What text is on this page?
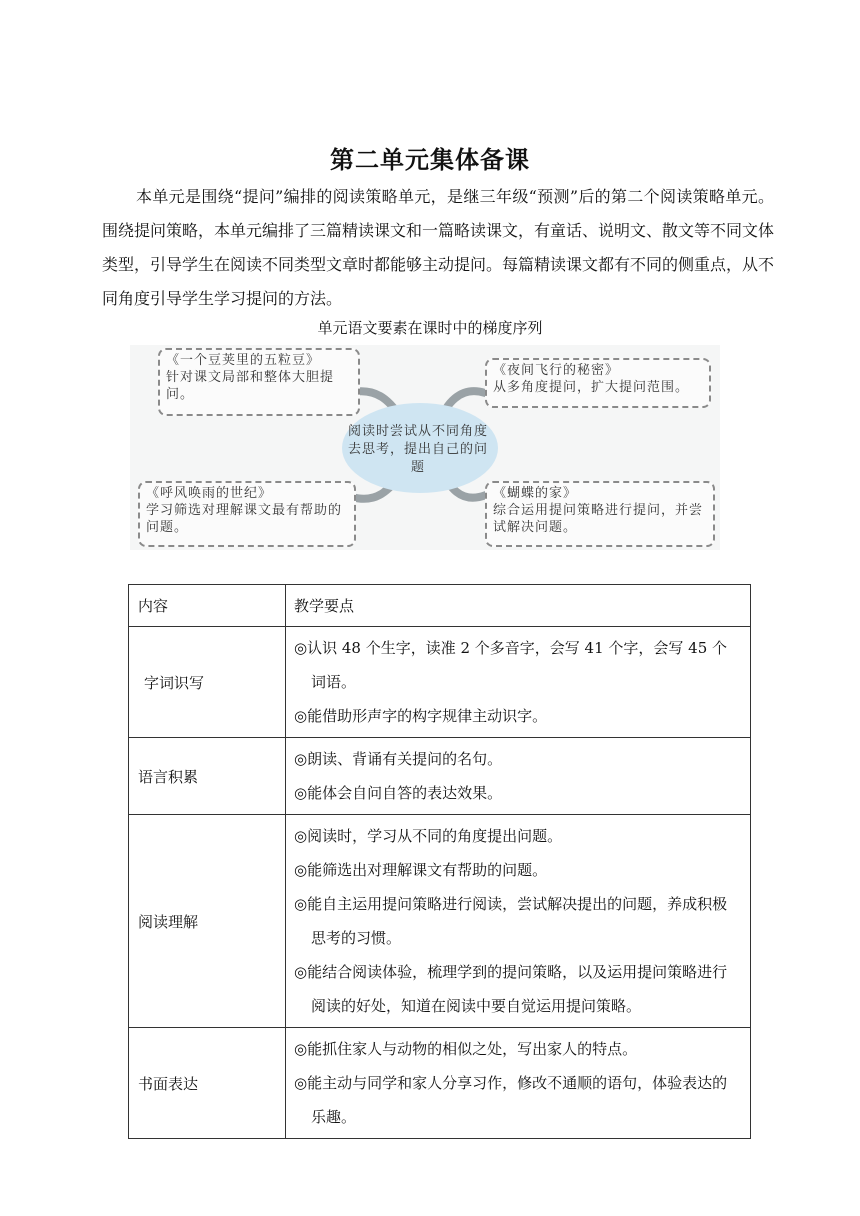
第二单元集体备课
本单元是围绕“提问”编排的阅读策略单元，是继三年级“预测”后的第二个阅读策略单元。围绕提问策略，本单元编排了三篇精读课文和一篇略读课文，有童话、说明文、散文等不同文体类型，引导学生在阅读不同类型文章时都能够主动提问。每篇精读课文都有不同的侧重点，从不同角度引导学生学习提问的方法。
单元语文要素在课时中的梯度序列
阅读时尝试从不同角度去思考，提出自己的问题
《一个豆荚里的五粒豆》
针对课文局部和整体大胆提问。
《夜间飞行的秘密》
从多角度提问，扩大提问范围。
《呼风唤雨的世纪》
学习筛选对理解课文最有帮助的问题。
《蝴蝶的家》
综合运用提问策略进行提问，并尝试解决问题。
内容	教学要点
字词识写	◎认识 48 个生字，读准 2 个多音字，会写 41 个字，会写 45 个词语。
◎能借助形声字的构字规律主动识字。

语言积累	◎朗读、背诵有关提问的名句。
◎能体会自问自答的表达效果。

阅读理解	◎阅读时，学习从不同的角度提出问题。
◎能筛选出对理解课文有帮助的问题。
◎能自主运用提问策略进行阅读，尝试解决提出的问题，养成积极思考的习惯。
◎能结合阅读体验，梳理学到的提问策略，以及运用提问策略进行阅读的好处，知道在阅读中要自觉运用提问策略。

书面表达	◎能抓住家人与动物的相似之处，写出家人的特点。
◎能主动与同学和家人分享习作，修改不通顺的语句，体验表达的乐趣。
